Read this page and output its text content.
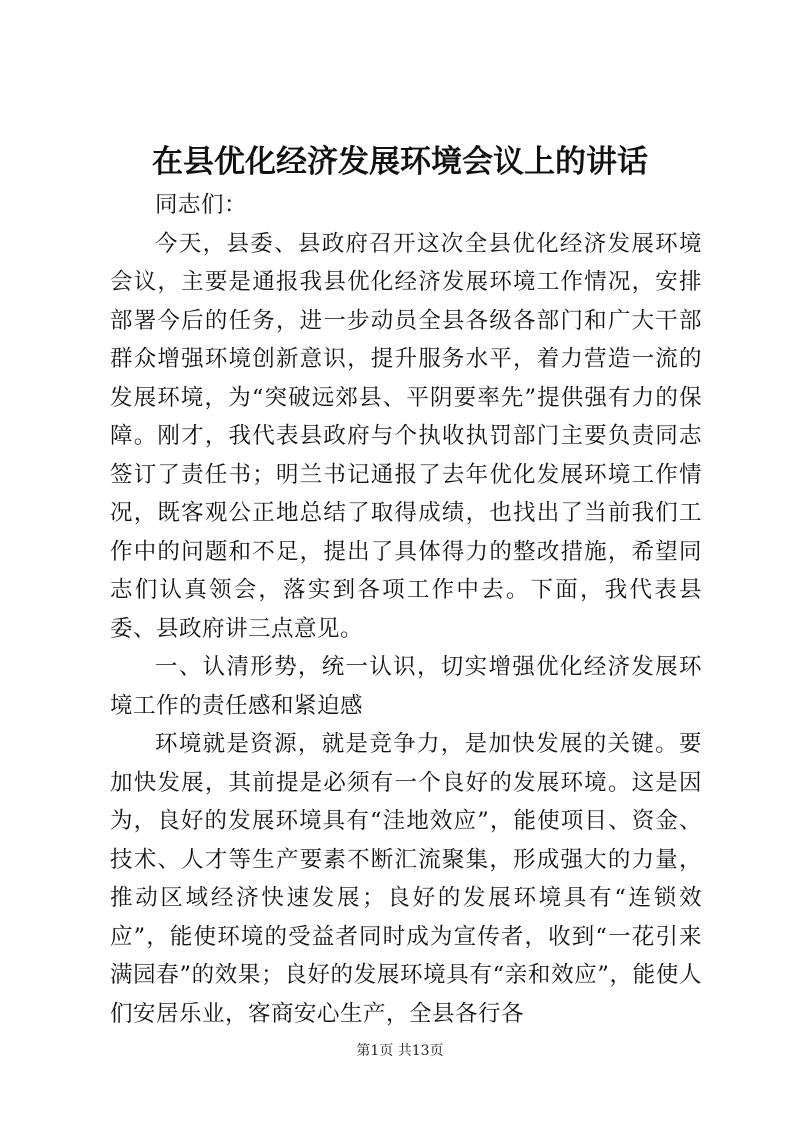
在县优化经济发展环境会议上的讲话

同志们：

今天，县委、县政府召开这次全县优化经济发展环境会议，主要是通报我县优化经济发展环境工作情况，安排部署今后的任务，进一步动员全县各级各部门和广大干部群众增强环境创新意识，提升服务水平，着力营造一流的发展环境，为“突破远郊县、平阴要率先”提供强有力的保障。刚才，我代表县政府与个执收执罚部门主要负责同志签订了责任书；明兰书记通报了去年优化发展环境工作情况，既客观公正地总结了取得成绩，也找出了当前我们工作中的问题和不足，提出了具体得力的整改措施，希望同志们认真领会，落实到各项工作中去。下面，我代表县委、县政府讲三点意见。

一、认清形势，统一认识，切实增强优化经济发展环境工作的责任感和紧迫感

环境就是资源，就是竞争力，是加快发展的关键。要加快发展，其前提是必须有一个良好的发展环境。这是因为，良好的发展环境具有“洼地效应”，能使项目、资金、技术、人才等生产要素不断汇流聚集，形成强大的力量，推动区域经济快速发展；良好的发展环境具有“连锁效应”，能使环境的受益者同时成为宣传者，收到“一花引来满园春”的效果；良好的发展环境具有“亲和效应”，能使人们安居乐业，客商安心生产，全县各行各

第1页 共13页
